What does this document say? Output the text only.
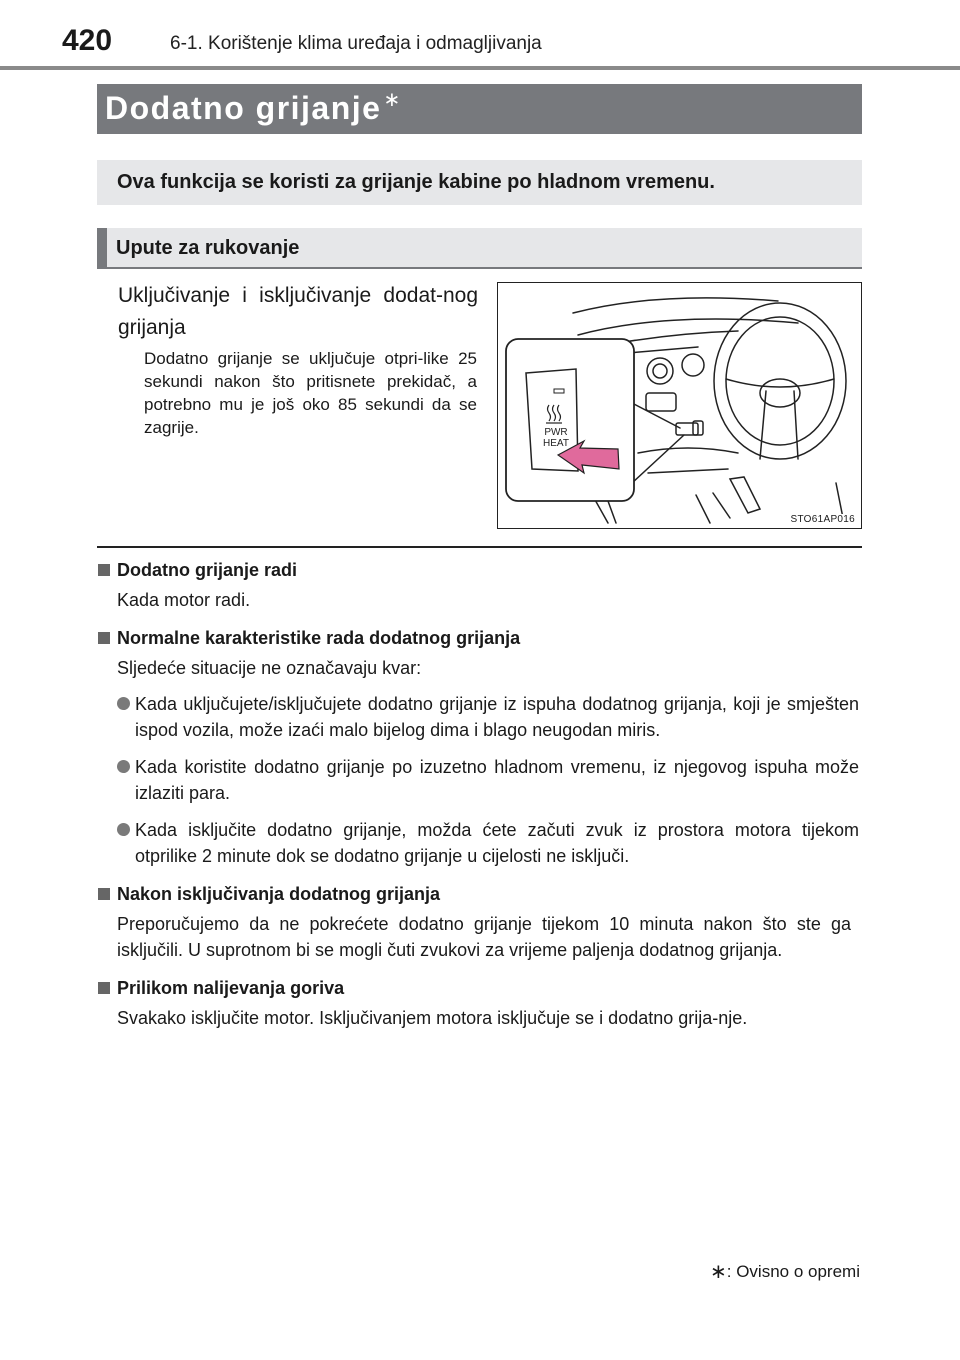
420	6-1. Korištenje klima uređaja i odmagljivanja
Dodatno grijanje ∗
Ova funkcija se koristi za grijanje kabine po hladnom vremenu.
Upute za rukovanje
Uključivanje i isključivanje dodat-nog grijanja
Dodatno grijanje se uključuje otpri-like 25 sekundi nakon što pritisnete prekidač, a potrebno mu je još oko 85 sekundi da se zagrije.	PWR
HEAT
STO61AP016
Dodatno grijanje radi
Kada motor radi.
Normalne karakteristike rada dodatnog grijanja
Sljedeće situacije ne označavaju kvar:
Kada uključujete/isključujete dodatno grijanje iz ispuha dodatnog grijanja, koji je smješten ispod vozila, može izaći malo bijelog dima i blago neugodan miris.
Kada koristite dodatno grijanje po izuzetno hladnom vremenu, iz njegovog ispuha može izlaziti para.
Kada isključite dodatno grijanje, možda ćete začuti zvuk iz prostora motora tijekom otprilike 2 minute dok se dodatno grijanje u cijelosti ne isključi.
Nakon isključivanja dodatnog grijanja
Preporučujemo da ne pokrećete dodatno grijanje tijekom 10 minuta nakon što ste ga isključili. U suprotnom bi se mogli čuti zvukovi za vrijeme paljenja dodatnog grijanja.
Prilikom nalijevanja goriva
Svakako isključite motor. Isključivanjem motora isključuje se i dodatno grija-nje.
∗: Ovisno o opremi
